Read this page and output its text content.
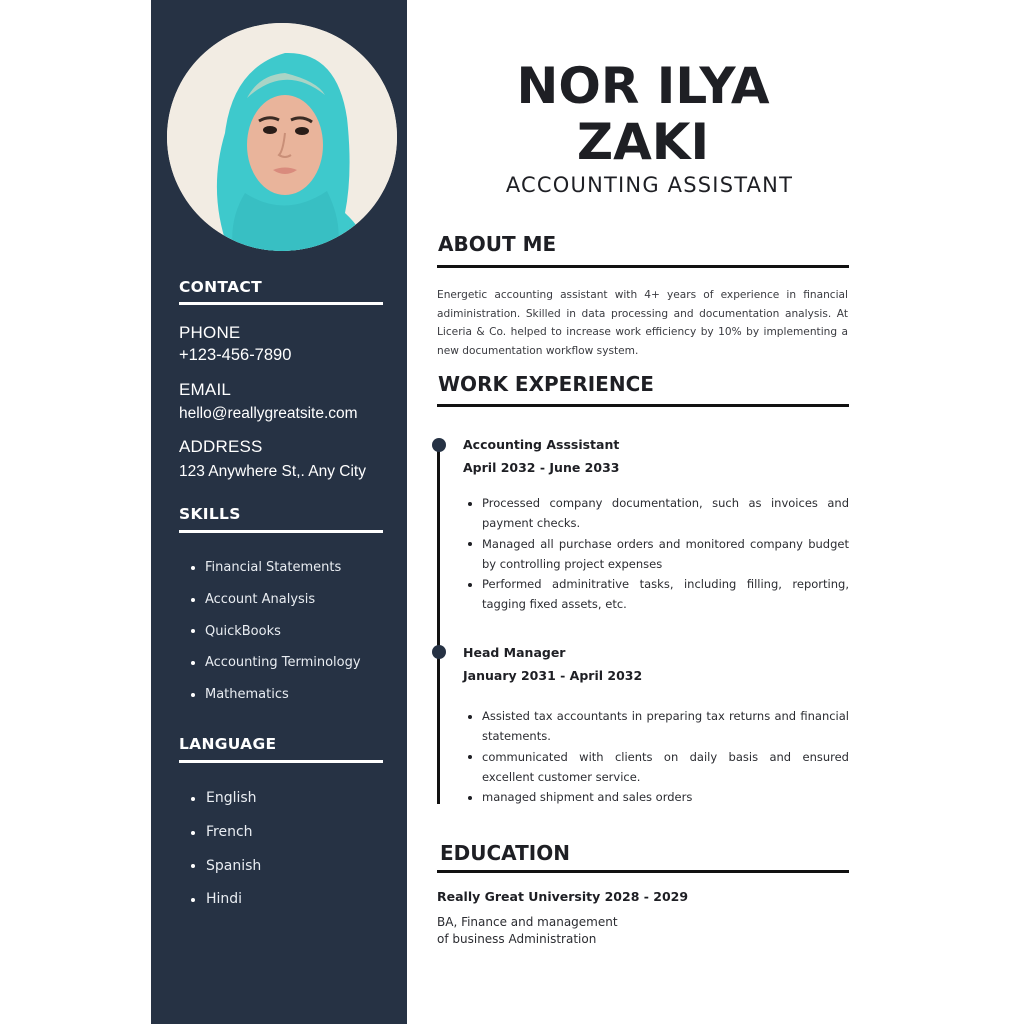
CONTACT
PHONE
+123-456-7890
EMAIL
hello@reallygreatsite.com
ADDRESS
123 Anywhere St,. Any City
SKILLS
Financial Statements
Account Analysis
QuickBooks
Accounting Terminology
Mathematics
LANGUAGE
English
French
Spanish
Hindi
NOR ILYA
ZAKI
ACCOUNTING ASSISTANT
ABOUT ME

Energetic accounting assistant with 4+ years of experience in financial adiministration. Skilled in data processing and documentation analysis. At Liceria & Co. helped to increase work efficiency by 10% by implementing a new documentation workflow system.

WORK EXPERIENCE
Accounting Asssistant
April 2032 - June 2033
Processed company documentation, such as invoices and payment checks.
Managed all purchase orders and monitored company budget by controlling project expenses
Performed adminitrative tasks, including filling, reporting, tagging fixed assets, etc.
Head Manager
January 2031 - April 2032
Assisted tax accountants in preparing tax returns and financial statements.
communicated with clients on daily basis and ensured excellent customer service.
managed shipment and sales orders
EDUCATION
Really Great University 2028 - 2029
BA, Finance and management
of business Administration
